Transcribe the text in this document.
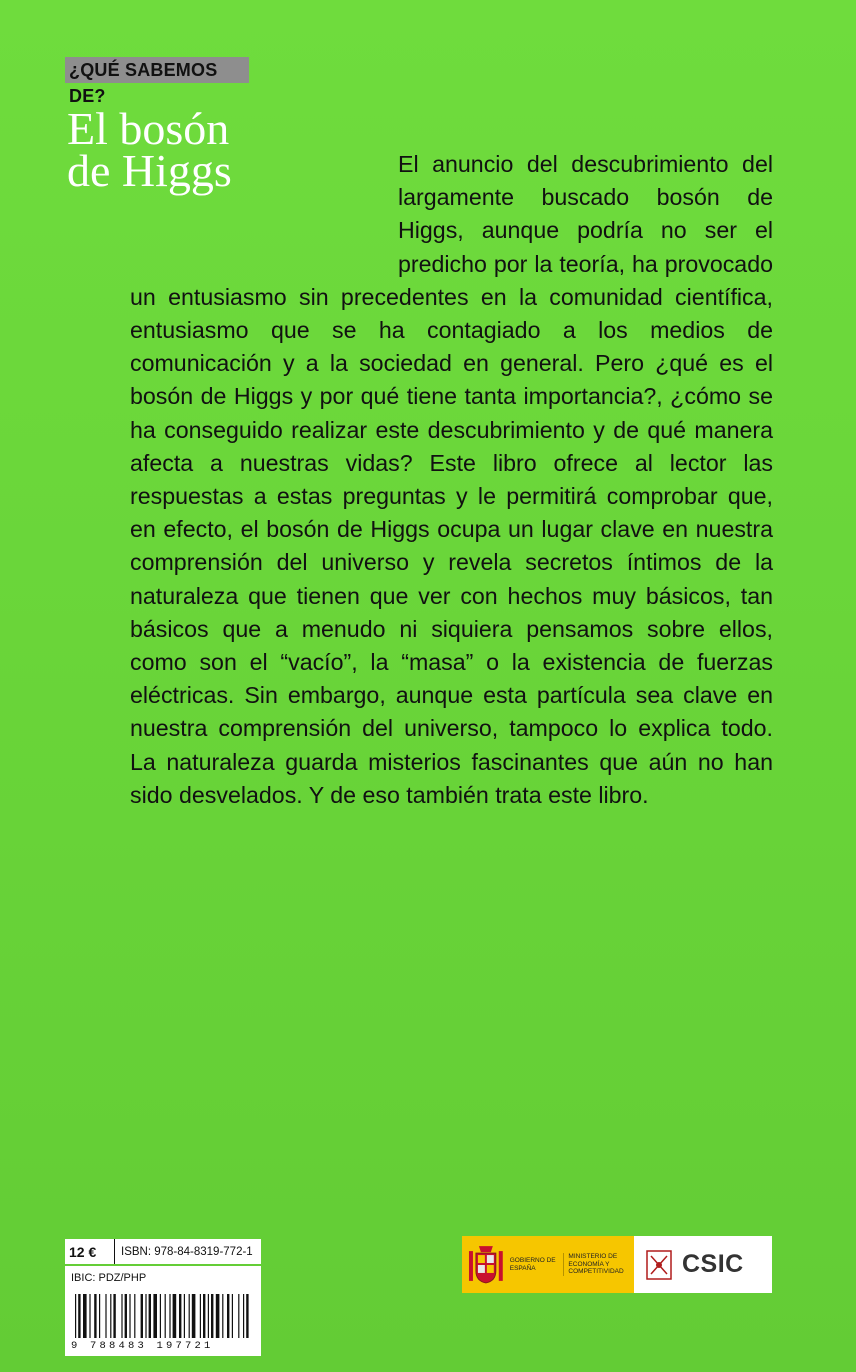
¿QUÉ SABEMOS DE?
El bosón
de Higgs	El anuncio del descubrimiento del largamente buscado bosón de Higgs, aunque podría no ser el predicho por la teoría, ha provocado un entusiasmo sin precedentes en la comunidad científica, entusiasmo que se ha contagiado a los medios de comunicación y a la sociedad en general. Pero ¿qué es el bosón de Higgs y por qué tiene tanta importancia?, ¿cómo se ha conseguido realizar este descubrimiento y de qué manera afecta a nuestras vidas? Este libro ofrece al lector las respuestas a estas preguntas y le permitirá comprobar que, en efecto, el bosón de Higgs ocupa un lugar clave en nuestra comprensión del universo y revela secretos íntimos de la naturaleza que tienen que ver con hechos muy básicos, tan básicos que a menudo ni siquiera pensamos sobre ellos, como son el “vacío”, la “masa” o la existencia de fuerzas eléctricas. Sin embargo, aunque esta partícula sea clave en nuestra comprensión del universo, tampoco lo explica todo. La naturaleza guarda misterios fascinantes que aún no han sido desvelados. Y de eso también trata este libro.

12 €	ISBN: 978-84-8319-772-1
IBIC: PDZ/PHP
9 788483 197721
GOBIERNO DE ESPAÑA
MINISTERIO DE ECONOMÍA Y COMPETITIVIDAD	CSIC
